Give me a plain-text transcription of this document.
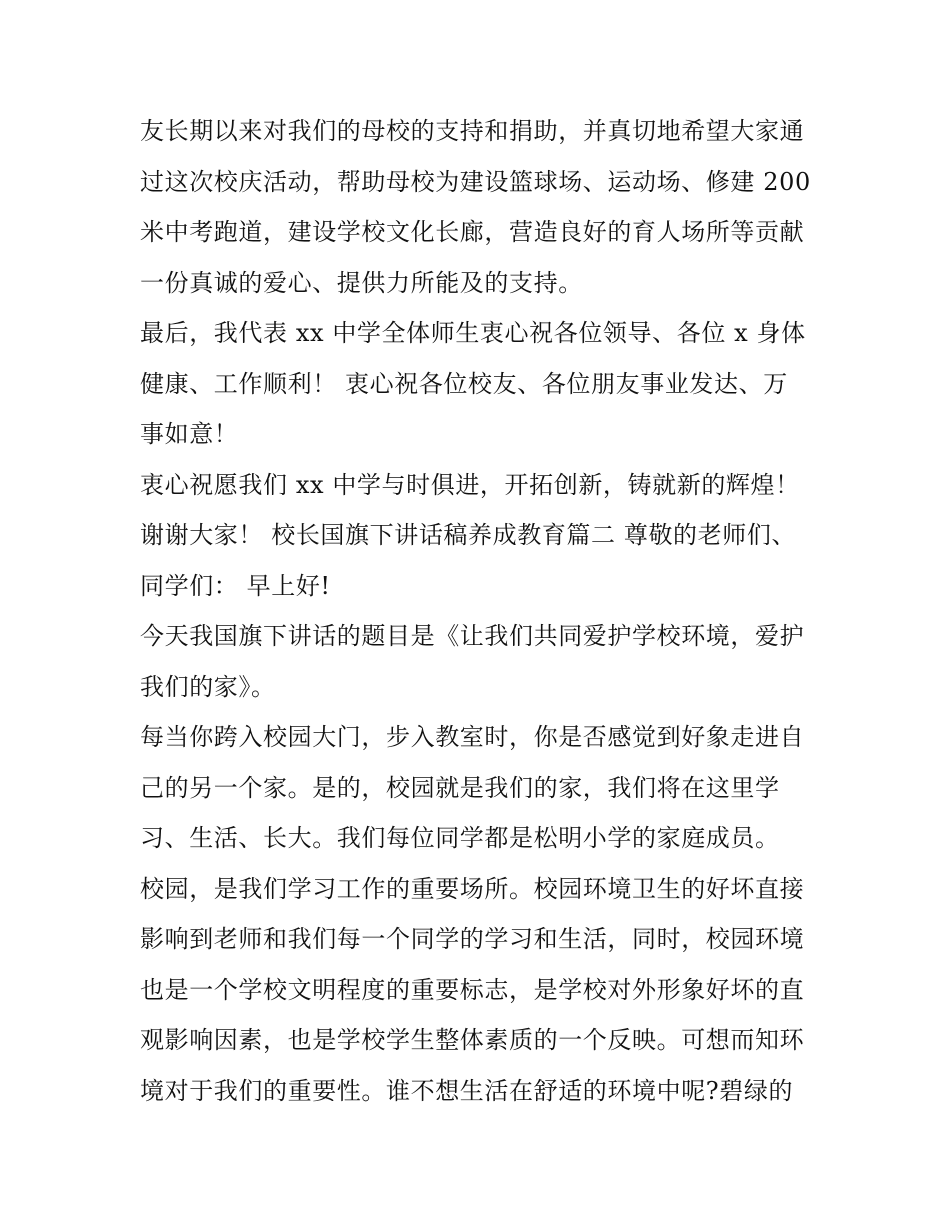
友长期以来对我们的母校的支持和捐助，并真切地希望大家通
过这次校庆活动，帮助母校为建设篮球场、运动场、修建 200
米中考跑道，建设学校文化长廊，营造良好的育人场所等贡献
一份真诚的爱心、提供力所能及的支持。
最后，我代表 xx 中学全体师生衷心祝各位领导、各位 x 身体
健康、工作顺利！ 衷心祝各位校友、各位朋友事业发达、万
事如意！
衷心祝愿我们 xx 中学与时俱进，开拓创新，铸就新的辉煌！
谢谢大家！ 校长国旗下讲话稿养成教育篇二 尊敬的老师们、
同学们： 早上好!
今天我国旗下讲话的题目是《让我们共同爱护学校环境，爱护
我们的家》。
每当你跨入校园大门，步入教室时，你是否感觉到好象走进自
己的另一个家。是的，校园就是我们的家，我们将在这里学
习、生活、长大。我们每位同学都是松明小学的家庭成员。
校园，是我们学习工作的重要场所。校园环境卫生的好坏直接
影响到老师和我们每一个同学的学习和生活，同时，校园环境
也是一个学校文明程度的重要标志，是学校对外形象好坏的直
观影响因素，也是学校学生整体素质的一个反映。可想而知环
境对于我们的重要性。谁不想生活在舒适的环境中呢?碧绿的
